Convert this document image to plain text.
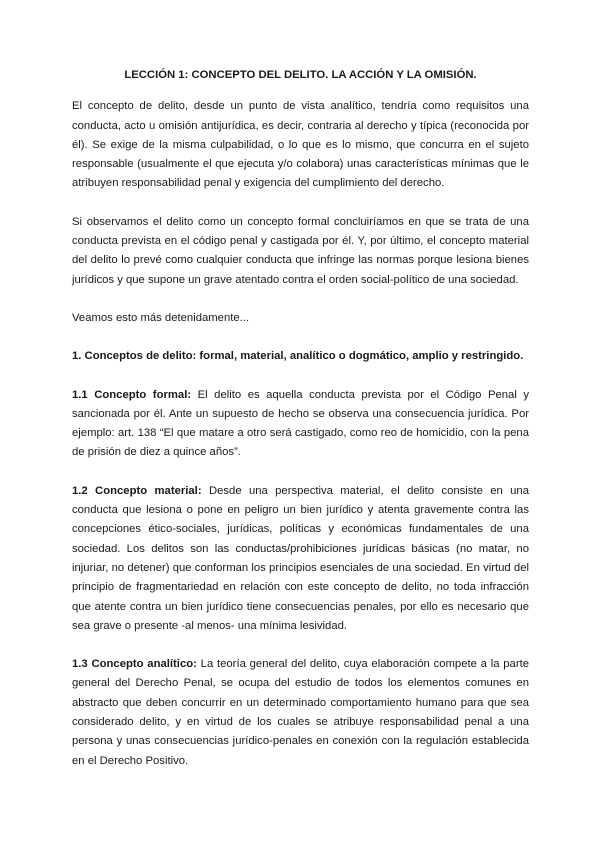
LECCIÓN 1: CONCEPTO DEL DELITO. LA ACCIÓN Y LA OMISIÓN.

El concepto de delito, desde un punto de vista analítico, tendría como requisitos una conducta, acto u omisión antijurídica, es decir, contraria al derecho y típica (reconocida por él). Se exige de la misma culpabilidad, o lo que es lo mismo, que concurra en el sujeto responsable (usualmente el que ejecuta y/o colabora) unas características mínimas que le atribuyen responsabilidad penal y exigencia del cumplimiento del derecho.

Si observamos el delito como un concepto formal concluiríamos en que se trata de una conducta prevista en el código penal y castigada por él. Y, por último, el concepto material del delito lo prevé como cualquier conducta que infringe las normas porque lesiona bienes jurídicos y que supone un grave atentado contra el orden social-político de una sociedad.

Veamos esto más detenidamente...

1. Conceptos de delito: formal, material, analítico o dogmático, amplio y restringido.

1.1 Concepto formal: El delito es aquella conducta prevista por el Código Penal y sancionada por él. Ante un supuesto de hecho se observa una consecuencia jurídica. Por ejemplo: art. 138 “El que matare a otro será castigado, como reo de homicidio, con la pena de prisión de diez a quince años”.

1.2 Concepto material: Desde una perspectiva material, el delito consiste en una conducta que lesiona o pone en peligro un bien jurídico y atenta gravemente contra las concepciones ético-sociales, jurídicas, políticas y económicas fundamentales de una sociedad. Los delitos son las conductas/prohibiciones jurídicas básicas (no matar, no injuriar, no detener) que conforman los principios esenciales de una sociedad. En virtud del principio de fragmentariedad en relación con este concepto de delito, no toda infracción que atente contra un bien jurídico tiene consecuencias penales, por ello es necesario que sea grave o presente -al menos- una mínima lesividad.

1.3 Concepto analítico: La teoría general del delito, cuya elaboración compete a la parte general del Derecho Penal, se ocupa del estudio de todos los elementos comunes en abstracto que deben concurrir en un determinado comportamiento humano para que sea considerado delito, y en virtud de los cuales se atribuye responsabilidad penal a una persona y unas consecuencias jurídico-penales en conexión con la regulación establecida en el Derecho Positivo.
